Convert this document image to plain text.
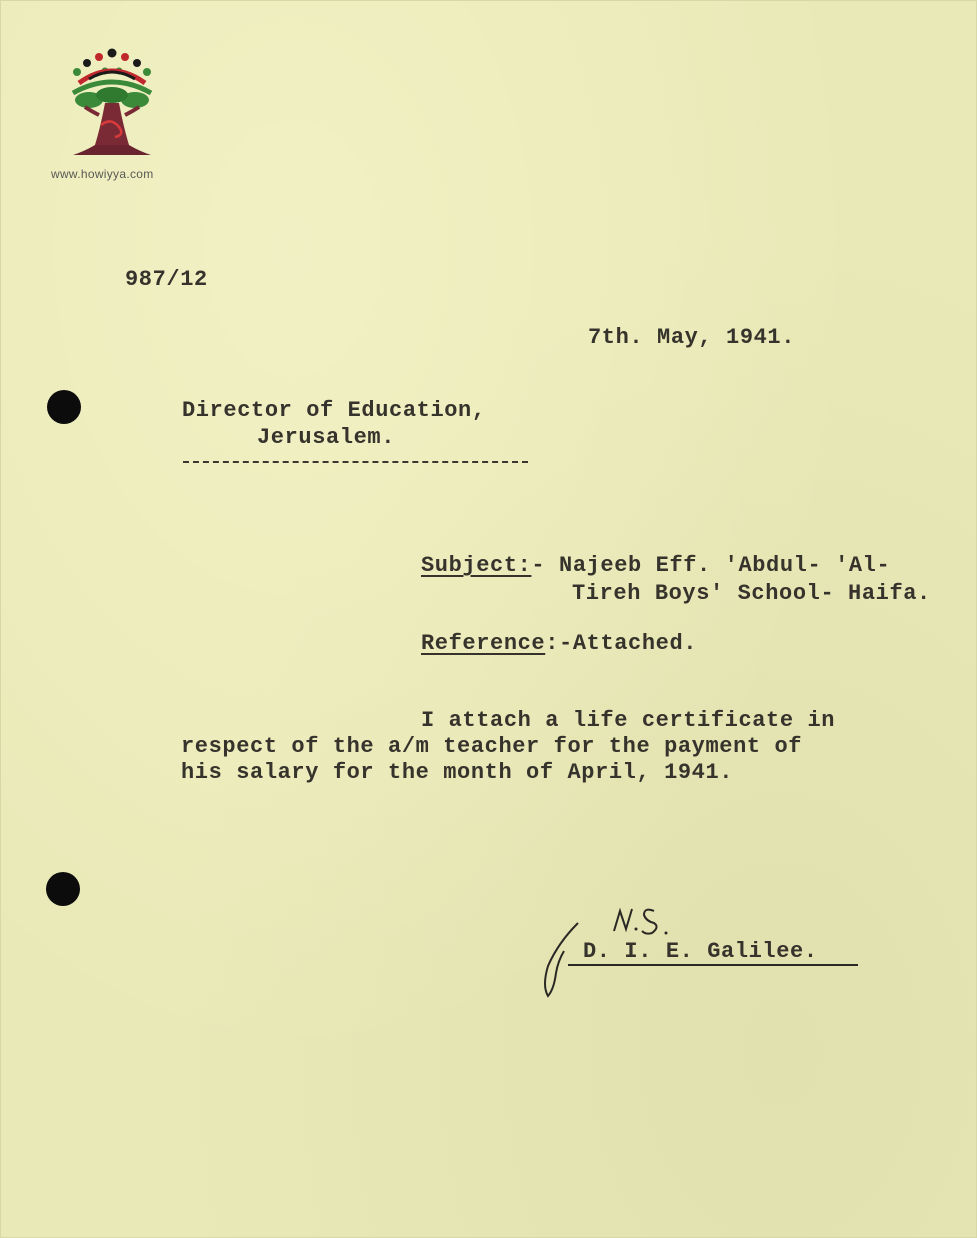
www.howiyya.com
987/12
7th. May, 1941.
Director of Education,
Jerusalem.
Subject:- Najeeb Eff. 'Abdul- 'Al-
Tireh Boys' School- Haifa.
Reference:-Attached.
I attach a life certificate in
respect of the a/m teacher for the payment of
his salary for the month of April, 1941.
D. I. E. Galilee.
